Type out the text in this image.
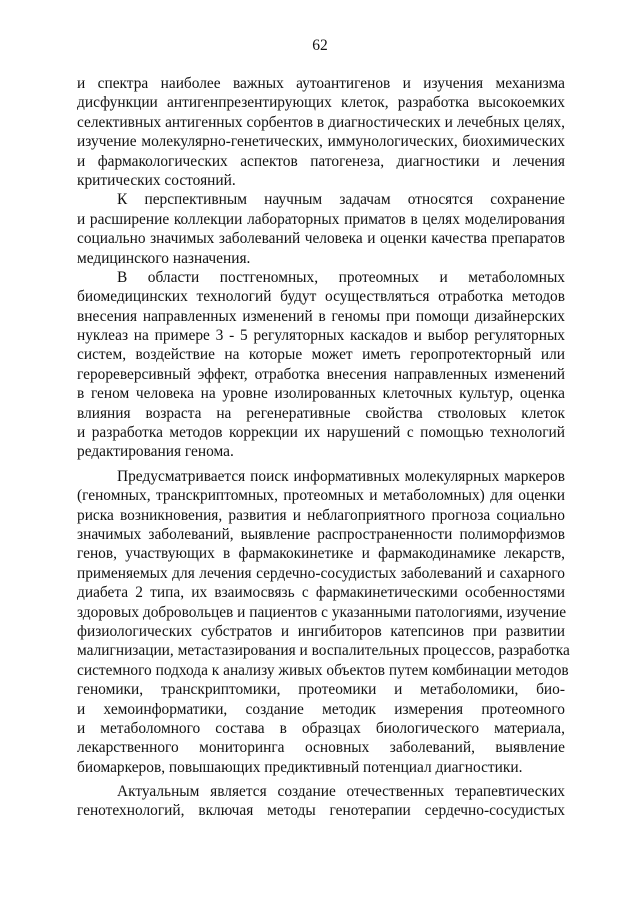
62
и спектра наиболее важных аутоантигенов и изучения механизма
дисфункции антигенпрезентирующих клеток, разработка высокоемких
селективных антигенных сорбентов в диагностических и лечебных целях,
изучение молекулярно-генетических, иммунологических, биохимических
и фармакологических аспектов патогенеза, диагностики и лечения
критических состояний.
К перспективным научным задачам относятся сохранение
и расширение коллекции лабораторных приматов в целях моделирования
социально значимых заболеваний человека и оценки качества препаратов
медицинского назначения.
В области постгеномных, протеомных и метаболомных
биомедицинских технологий будут осуществляться отработка методов
внесения направленных изменений в геномы при помощи дизайнерских
нуклеаз на примере 3 - 5 регуляторных каскадов и выбор регуляторных
систем, воздействие на которые может иметь геропротекторный или
герореверсивный эффект, отработка внесения направленных изменений
в геном человека на уровне изолированных клеточных культур, оценка
влияния возраста на регенеративные свойства стволовых клеток
и разработка методов коррекции их нарушений с помощью технологий
редактирования генома.
Предусматривается поиск информативных молекулярных маркеров
(геномных, транскриптомных, протеомных и метаболомных) для оценки
риска возникновения, развития и неблагоприятного прогноза социально
значимых заболеваний, выявление распространенности полиморфизмов
генов, участвующих в фармакокинетике и фармакодинамике лекарств,
применяемых для лечения сердечно-сосудистых заболеваний и сахарного
диабета 2 типа, их взаимосвязь с фармакинетическими особенностями
здоровых добровольцев и пациентов с указанными патологиями, изучение
физиологических субстратов и ингибиторов катепсинов при развитии
малигнизации, метастазирования и воспалительных процессов, разработка
системного подхода к анализу живых объектов путем комбинации методов
геномики, транскриптомики, протеомики и метаболомики, био-
и хемоинформатики, создание методик измерения протеомного
и метаболомного состава в образцах биологического материала,
лекарственного мониторинга основных заболеваний, выявление
биомаркеров, повышающих предиктивный потенциал диагностики.
Актуальным является создание отечественных терапевтических
генотехнологий, включая методы генотерапии сердечно-сосудистых
